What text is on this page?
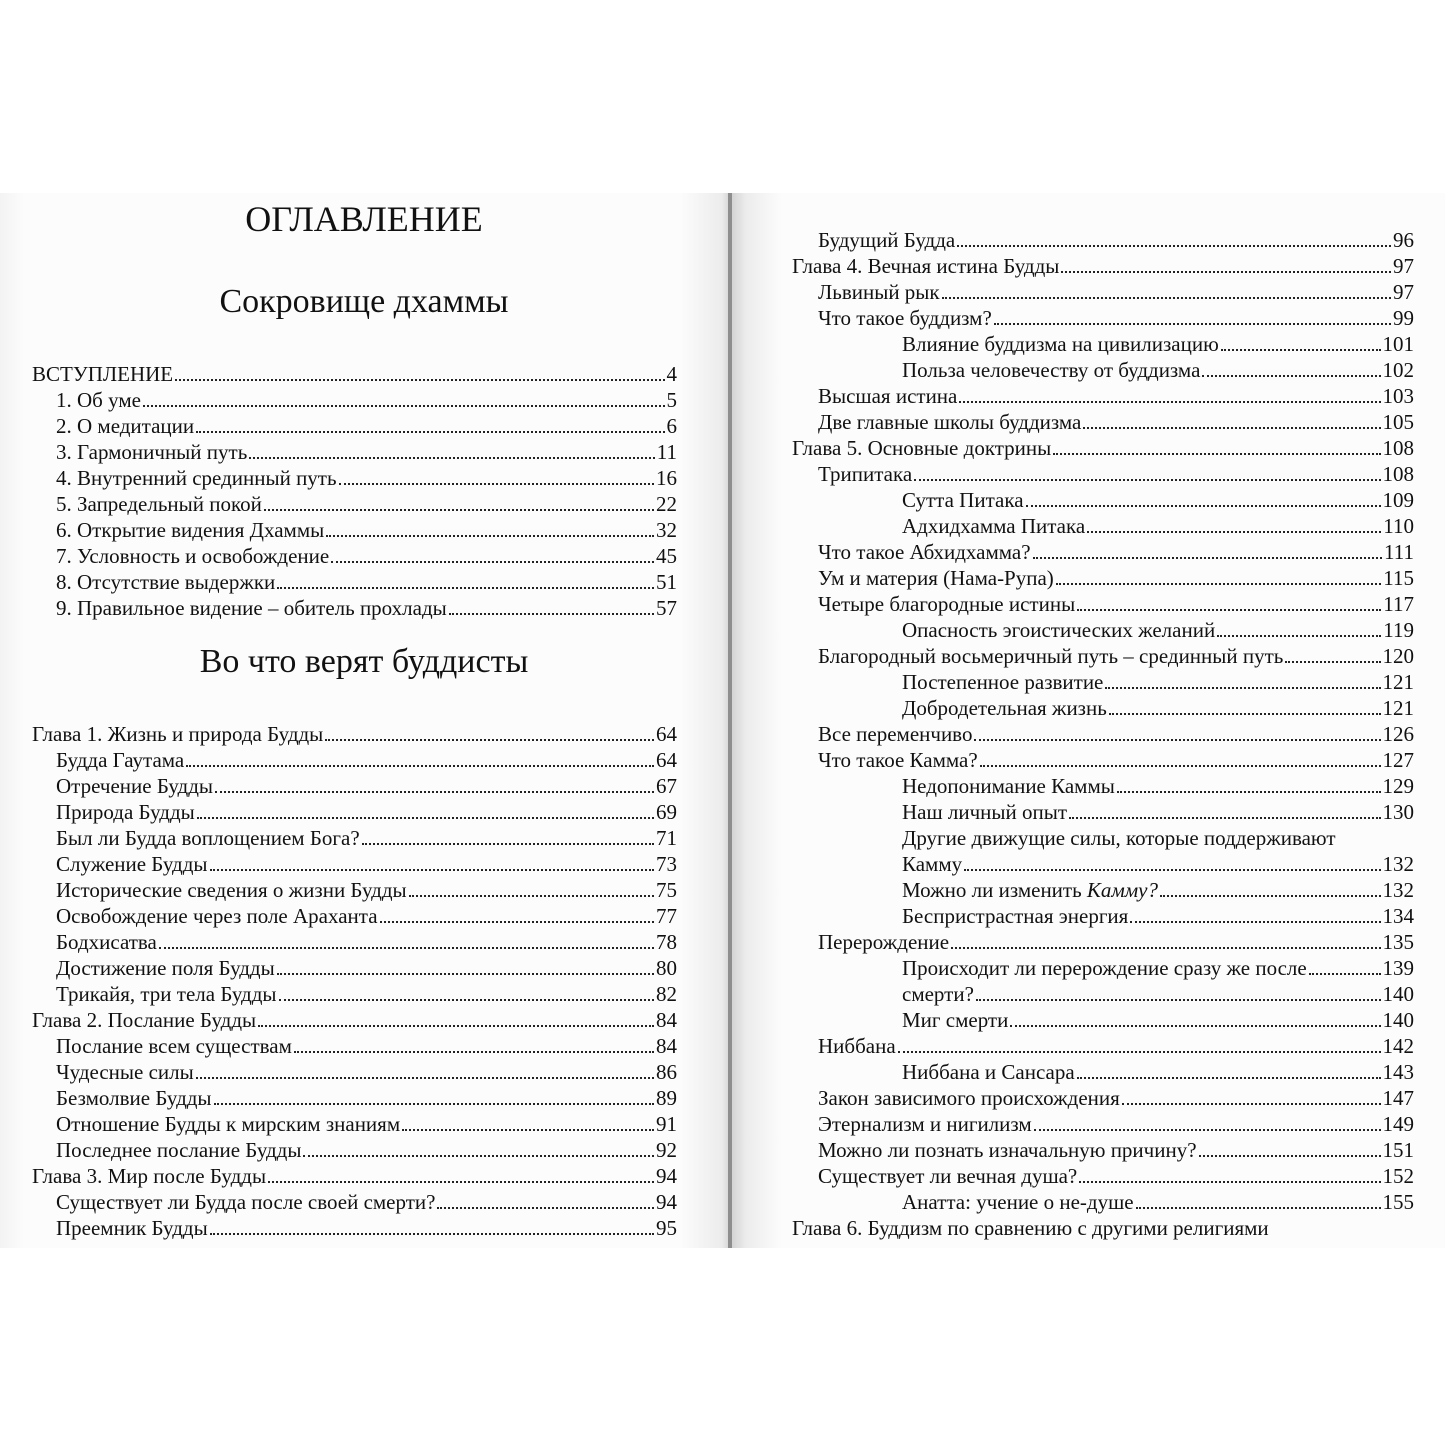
ОГЛАВЛЕНИЕ
Сокровище дхаммы
ВСТУПЛЕНИЕ	4
1. Об уме	5
2. О медитации	6
3. Гармоничный путь	11
4. Внутренний срединный путь	16
5. Запредельный покой	22
6. Открытие видения Дхаммы	32
7. Условность и освобождение	45
8. Отсутствие выдержки	51
9. Правильное видение – обитель прохлады	57
Во что верят буддисты
Глава 1. Жизнь и природа Будды	64
Будда Гаутама	64
Отречение Будды	67
Природа Будды	69
Был ли Будда воплощением Бога?	71
Служение Будды	73
Исторические сведения о жизни Будды	75
Освобождение через поле Араханта	77
Бодхисатва	78
Достижение поля Будды	80
Трикайя, три тела Будды	82
Глава 2. Послание Будды	84
Послание всем существам	84
Чудесные силы	86
Безмолвие Будды	89
Отношение Будды к мирским знаниям	91
Последнее послание Будды	92
Глава 3. Мир после Будды	94
Существует ли Будда после своей смерти?	94
Преемник Будды	95
Будущий Будда	96
Глава 4. Вечная истина Будды	97
Львиный рык	97
Что такое буддизм?	99
Влияние буддизма на цивилизацию	101
Польза человечеству от буддизма	102
Высшая истина	103
Две главные школы буддизма	105
Глава 5. Основные доктрины	108
Трипитака	108
Сутта Питака	109
Адхидхамма Питака	110
Что такое Абхидхамма?	111
Ум и материя (Нама-Рупа)	115
Четыре благородные истины	117
Опасность эгоистических желаний	119
Благородный восьмеричный путь – срединный путь	120
Постепенное развитие	121
Добродетельная жизнь	121
Все переменчиво	126
Что такое Камма?	127
Недопонимание Каммы	129
Наш личный опыт	130
Другие движущие силы, которые поддерживают
Камму	132
Можно ли изменить Камму?	132
Беспристрастная энергия	134
Перерождение	135
Происходит ли перерождение сразу же после	139
смерти?	140
Миг смерти	140
Ниббана	142
Ниббана и Сансара	143
Закон зависимого происхождения	147
Этернализм и нигилизм	149
Можно ли познать изначальную причину?	151
Существует ли вечная душа?	152
Анатта: учение о не-душе	155
Глава 6. Буддизм по сравнению с другими религиями
